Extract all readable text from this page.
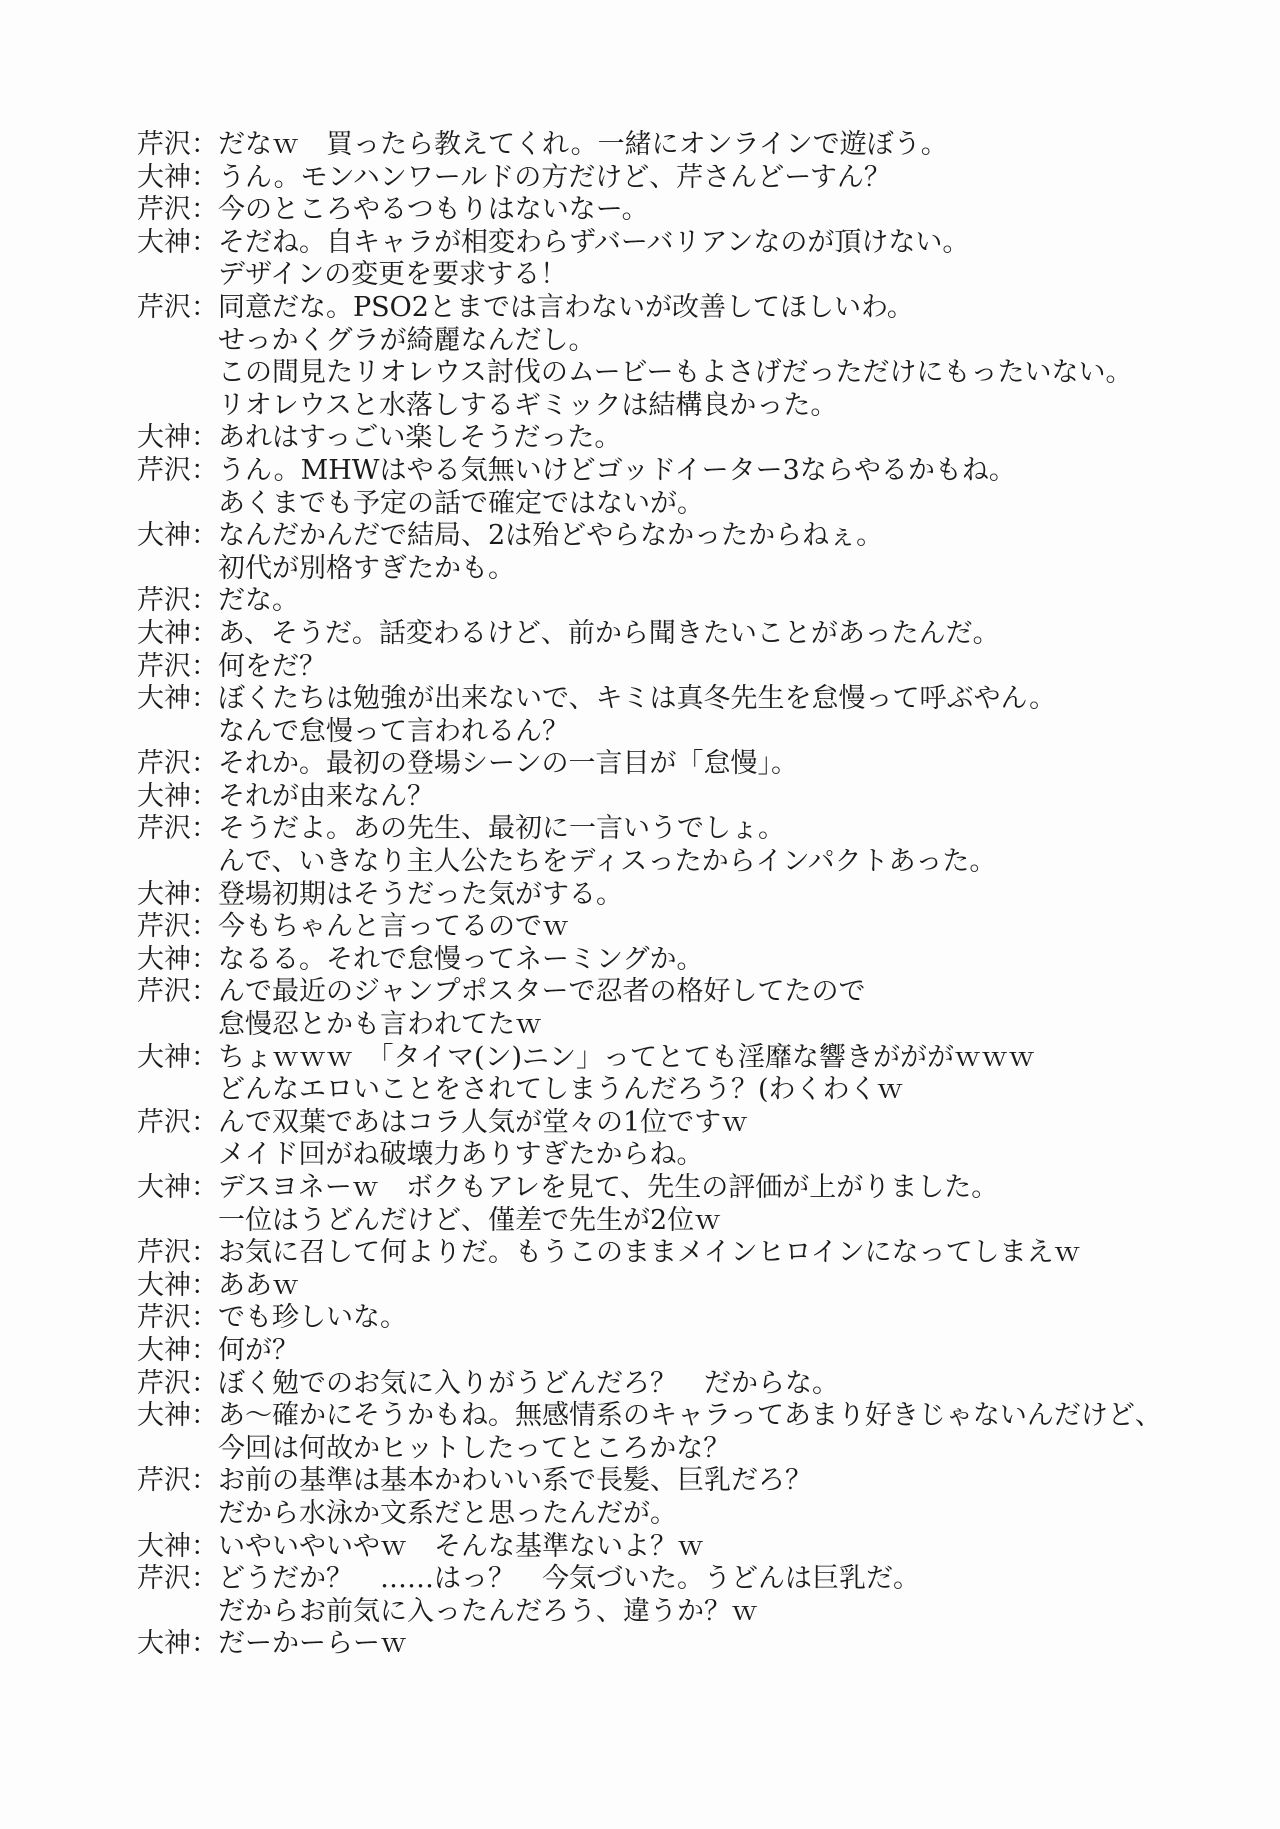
芹沢： だなｗ　買ったら教えてくれ。一緒にオンラインで遊ぼう。
大神： うん。モンハンワールドの方だけど、芹さんどーすん？
芹沢： 今のところやるつもりはないなー。
大神： そだね。自キャラが相変わらずバーバリアンなのが頂けない。
デザインの変更を要求する！
芹沢： 同意だな。PSO2とまでは言わないが改善してほしいわ。
せっかくグラが綺麗なんだし。
この間見たリオレウス討伐のムービーもよさげだっただけにもったいない。
リオレウスと水落しするギミックは結構良かった。
大神： あれはすっごい楽しそうだった。
芹沢： うん。MHWはやる気無いけどゴッドイーター3ならやるかもね。
あくまでも予定の話で確定ではないが。
大神： なんだかんだで結局、2は殆どやらなかったからねぇ。
初代が別格すぎたかも。
芹沢： だな。
大神： あ、そうだ。話変わるけど、前から聞きたいことがあったんだ。
芹沢： 何をだ？
大神： ぼくたちは勉強が出来ないで、キミは真冬先生を怠慢って呼ぶやん。
なんで怠慢って言われるん？
芹沢： それか。最初の登場シーンの一言目が「怠慢」。
大神： それが由来なん？
芹沢： そうだよ。あの先生、最初に一言いうでしょ。
んで、いきなり主人公たちをディスったからインパクトあった。
大神： 登場初期はそうだった気がする。
芹沢： 今もちゃんと言ってるのでｗ
大神： なるる。それで怠慢ってネーミングか。
芹沢： んで最近のジャンプポスターで忍者の格好してたので
怠慢忍とかも言われてたｗ
大神： ちょｗｗｗ　「タイマ(ン)ニン」ってとても淫靡な響きがががｗｗｗ
どんなエロいことをされてしまうんだろう？(わくわくｗ
芹沢： んで双葉であはコラ人気が堂々の1位ですｗ
メイド回がね破壊力ありすぎたからね。
大神： デスヨネーｗ　ボクもアレを見て、先生の評価が上がりました。
一位はうどんだけど、僅差で先生が2位ｗ
芹沢： お気に召して何よりだ。もうこのままメインヒロインになってしまえｗ
大神： ああｗ
芹沢： でも珍しいな。
大神： 何が？
芹沢： ぼく勉でのお気に入りがうどんだろ？　だからな。
大神： あ～確かにそうかもね。無感情系のキャラってあまり好きじゃないんだけど、
今回は何故かヒットしたってところかな？
芹沢： お前の基準は基本かわいい系で長髪、巨乳だろ？
だから水泳か文系だと思ったんだが。
大神： いやいやいやｗ　そんな基準ないよ？ｗ
芹沢： どうだか？　……はっ？　今気づいた。うどんは巨乳だ。
だからお前気に入ったんだろう、違うか？ｗ
大神： だーかーらーｗ
